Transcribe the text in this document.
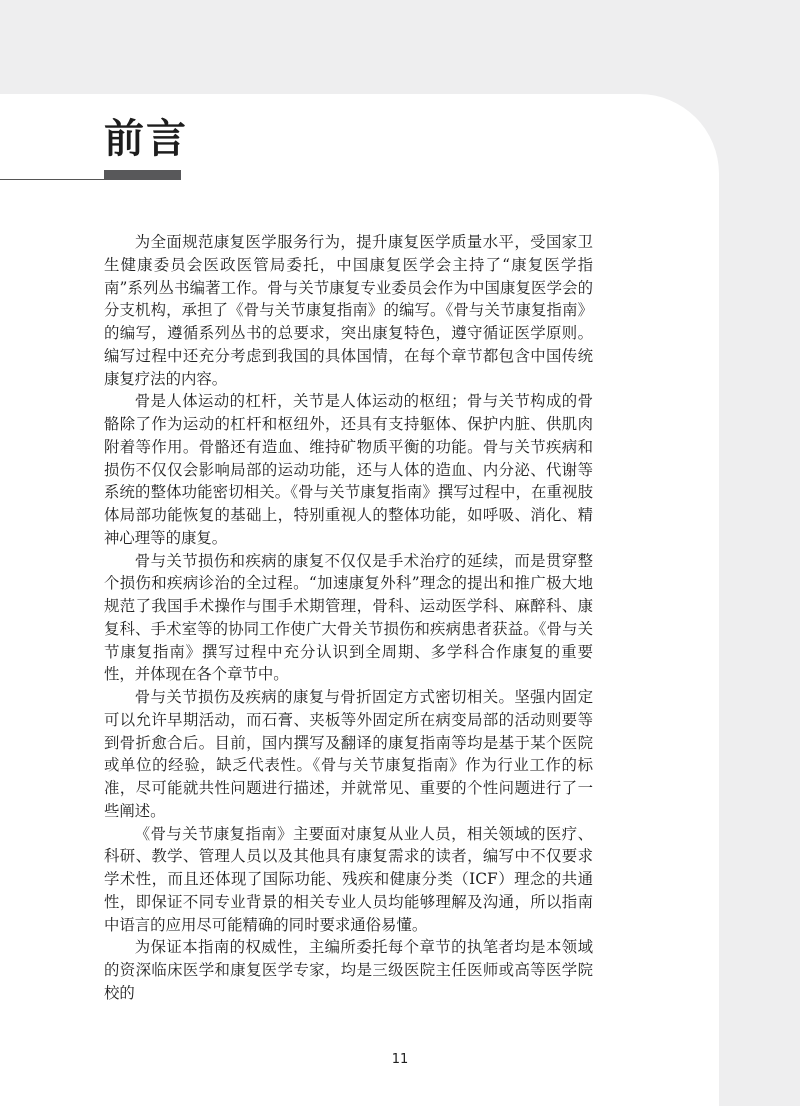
前言

为全面规范康复医学服务行为，提升康复医学质量水平，受国家卫生健康委员会医政医管局委托，中国康复医学会主持了“康复医学指南”系列丛书编著工作。骨与关节康复专业委员会作为中国康复医学会的分支机构，承担了《骨与关节康复指南》的编写。《骨与关节康复指南》的编写，遵循系列丛书的总要求，突出康复特色，遵守循证医学原则。编写过程中还充分考虑到我国的具体国情，在每个章节都包含中国传统康复疗法的内容。

骨是人体运动的杠杆，关节是人体运动的枢纽；骨与关节构成的骨骼除了作为运动的杠杆和枢纽外，还具有支持躯体、保护内脏、供肌肉附着等作用。骨骼还有造血、维持矿物质平衡的功能。骨与关节疾病和损伤不仅仅会影响局部的运动功能，还与人体的造血、内分泌、代谢等系统的整体功能密切相关。《骨与关节康复指南》撰写过程中，在重视肢体局部功能恢复的基础上，特别重视人的整体功能，如呼吸、消化、精神心理等的康复。

骨与关节损伤和疾病的康复不仅仅是手术治疗的延续，而是贯穿整个损伤和疾病诊治的全过程。“加速康复外科”理念的提出和推广极大地规范了我国手术操作与围手术期管理，骨科、运动医学科、麻醉科、康复科、手术室等的协同工作使广大骨关节损伤和疾病患者获益。《骨与关节康复指南》撰写过程中充分认识到全周期、多学科合作康复的重要性，并体现在各个章节中。

骨与关节损伤及疾病的康复与骨折固定方式密切相关。坚强内固定可以允许早期活动，而石膏、夹板等外固定所在病变局部的活动则要等到骨折愈合后。目前，国内撰写及翻译的康复指南等均是基于某个医院或单位的经验，缺乏代表性。《骨与关节康复指南》作为行业工作的标准，尽可能就共性问题进行描述，并就常见、重要的个性问题进行了一些阐述。

《骨与关节康复指南》主要面对康复从业人员，相关领域的医疗、科研、教学、管理人员以及其他具有康复需求的读者，编写中不仅要求学术性，而且还体现了国际功能、残疾和健康分类（ICF）理念的共通性，即保证不同专业背景的相关专业人员均能够理解及沟通，所以指南中语言的应用尽可能精确的同时要求通俗易懂。

为保证本指南的权威性，主编所委托每个章节的执笔者均是本领域的资深临床医学和康复医学专家，均是三级医院主任医师或高等医学院校的

11
